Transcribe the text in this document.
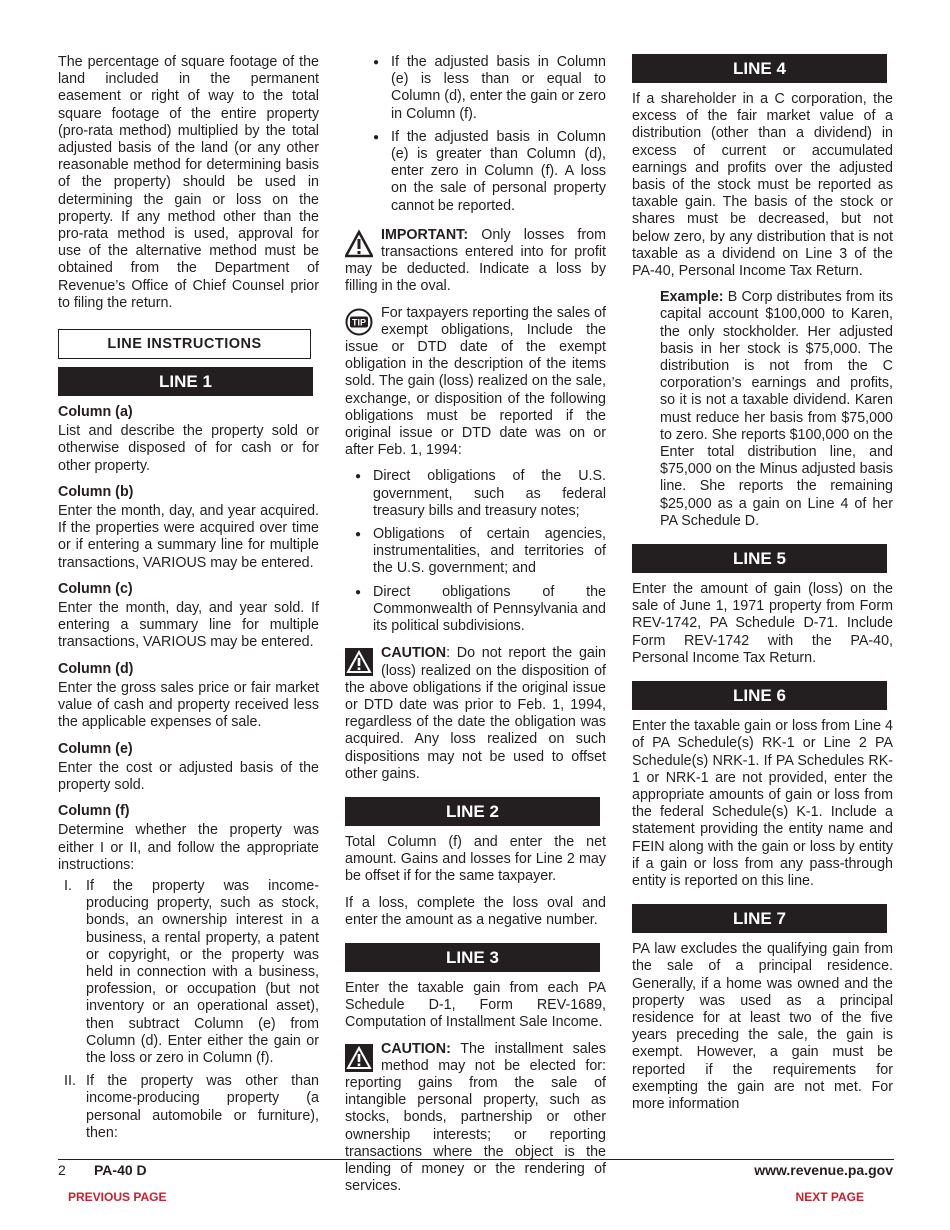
The percentage of square footage of the land included in the permanent easement or right of way to the total square footage of the entire property (pro-rata method) multiplied by the total adjusted basis of the land (or any other reasonable method for determining basis of the property) should be used in determining the gain or loss on the property. If any method other than the pro-rata method is used, approval for use of the alternative method must be obtained from the Department of Revenue’s Office of Chief Counsel prior to filing the return.

LINE INSTRUCTIONS
LINE 1
Column (a)

List and describe the property sold or otherwise disposed of for cash or for other property.

Column (b)

Enter the month, day, and year acquired. If the properties were acquired over time or if entering a summary line for multiple transactions, VARIOUS may be entered.

Column (c)

Enter the month, day, and year sold. If entering a summary line for multiple transactions, VARIOUS may be entered.

Column (d)

Enter the gross sales price or fair market value of cash and property received less the applicable expenses of sale.

Column (e)

Enter the cost or adjusted basis of the property sold.

Column (f)

Determine whether the property was either I or II, and follow the appropriate instructions:

I. If the property was income-producing property, such as stock, bonds, an ownership interest in a business, a rental property, a patent or copyright, or the property was held in connection with a business, profession, or occupation (but not inventory or an operational asset), then subtract Column (e) from Column (d). Enter either the gain or the loss or zero in Column (f).
II. If the property was other than income-producing property (a personal automobile or furniture), then:
● If the adjusted basis in Column (e) is less than or equal to Column (d), enter the gain or zero in Column (f).
● If the adjusted basis in Column (e) is greater than Column (d), enter zero in Column (f). A loss on the sale of personal property cannot be reported.

IMPORTANT: Only losses from transactions entered into for profit may be deducted. Indicate a loss by filling in the oval.

TIP
For taxpayers reporting the sales of exempt obligations, Include the issue or DTD date of the exempt obligation in the description of the items sold. The gain (loss) realized on the sale, exchange, or disposition of the following obligations must be reported if the original issue or DTD date was on or after Feb. 1, 1994:

● Direct obligations of the U.S. government, such as federal treasury bills and treasury notes;
● Obligations of certain agencies, instrumentalities, and territories of the U.S. government; and
● Direct obligations of the Commonwealth of Pennsylvania and its political subdivisions.

CAUTION: Do not report the gain (loss) realized on the disposition of the above obligations if the original issue or DTD date was prior to Feb. 1, 1994, regardless of the date the obligation was acquired. Any loss realized on such dispositions may not be used to offset other gains.

LINE 2

Total Column (f) and enter the net amount. Gains and losses for Line 2 may be offset if for the same taxpayer.

If a loss, complete the loss oval and enter the amount as a negative number.

LINE 3

Enter the taxable gain from each PA Schedule D-1, Form REV-1689, Computation of Installment Sale Income.

CAUTION: The installment sales method may not be elected for: reporting gains from the sale of intangible personal property, such as stocks, bonds, partnership or other ownership interests; or reporting transactions where the object is the lending of money or the rendering of services.

LINE 4

If a shareholder in a C corporation, the excess of the fair market value of a distribution (other than a dividend) in excess of current or accumulated earnings and profits over the adjusted basis of the stock must be reported as taxable gain. The basis of the stock or shares must be decreased, but not below zero, by any distribution that is not taxable as a dividend on Line 3 of the PA-40, Personal Income Tax Return.

Example: B Corp distributes from its capital account $100,000 to Karen, the only stockholder. Her adjusted basis in her stock is $75,000. The distribution is not from the C corporation’s earnings and profits, so it is not a taxable dividend. Karen must reduce her basis from $75,000 to zero. She reports $100,000 on the Enter total distribution line, and $75,000 on the Minus adjusted basis line. She reports the remaining $25,000 as a gain on Line 4 of her PA Schedule D.

LINE 5

Enter the amount of gain (loss) on the sale of June 1, 1971 property from Form REV-1742, PA Schedule D-71. Include Form REV-1742 with the PA-40, Personal Income Tax Return.

LINE 6

Enter the taxable gain or loss from Line 4 of PA Schedule(s) RK-1 or Line 2 PA Schedule(s) NRK-1. If PA Schedules RK-1 or NRK-1 are not provided, enter the appropriate amounts of gain or loss from the federal Schedule(s) K-1. Include a statement providing the entity name and FEIN along with the gain or loss by entity if a gain or loss from any pass-through entity is reported on this line.

LINE 7

PA law excludes the qualifying gain from the sale of a principal residence. Generally, if a home was owned and the property was used as a principal residence for at least two of the five years preceding the sale, the gain is exempt. However, a gain must be reported if the requirements for exempting the gain are not met. For more information

2 PA-40 D	www.revenue.pa.gov
PREVIOUS PAGE	NEXT PAGE
